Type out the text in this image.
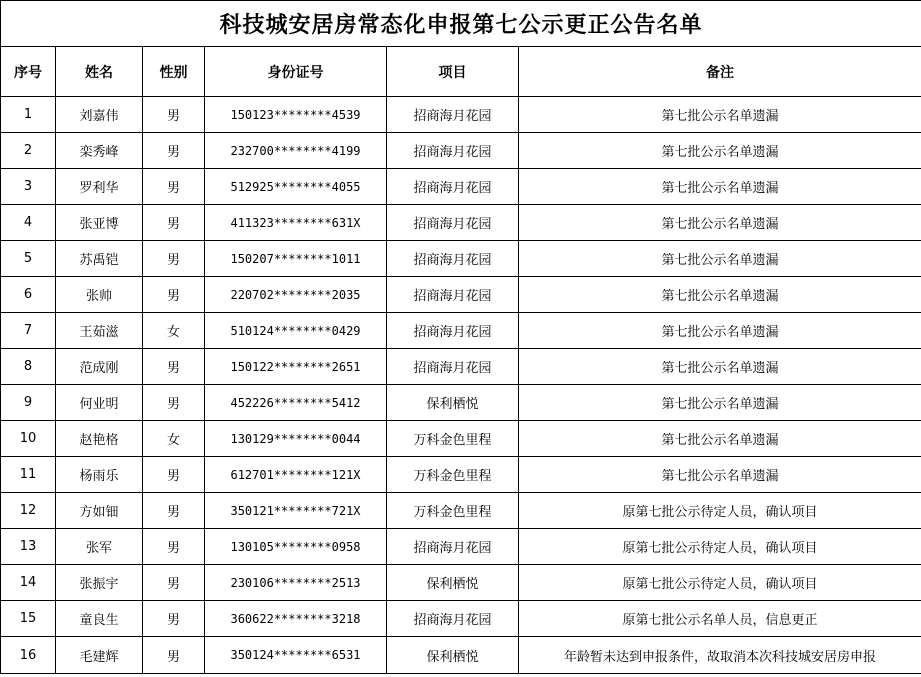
科技城安居房常态化申报第七公示更正公告名单					
序号	姓名	性别	身份证号	项目	备注
1	刘嘉伟	男	150123********4539	招商海月花园	第七批公示名单遗漏
2	栾秀峰	男	232700********4199	招商海月花园	第七批公示名单遗漏
3	罗利华	男	512925********4055	招商海月花园	第七批公示名单遗漏
4	张亚博	男	411323********631X	招商海月花园	第七批公示名单遗漏
5	苏禹铠	男	150207********1011	招商海月花园	第七批公示名单遗漏
6	张帅	男	220702********2035	招商海月花园	第七批公示名单遗漏
7	王茹滋	女	510124********0429	招商海月花园	第七批公示名单遗漏
8	范成刚	男	150122********2651	招商海月花园	第七批公示名单遗漏
9	何业明	男	452226********5412	保利栖悦	第七批公示名单遗漏
10	赵艳格	女	130129********0044	万科金色里程	第七批公示名单遗漏
11	杨雨乐	男	612701********121X	万科金色里程	第七批公示名单遗漏
12	方如钿	男	350121********721X	万科金色里程	原第七批公示待定人员，确认项目
13	张军	男	130105********0958	招商海月花园	原第七批公示待定人员，确认项目
14	张振宇	男	230106********2513	保利栖悦	原第七批公示待定人员，确认项目
15	童良生	男	360622********3218	招商海月花园	原第七批公示名单人员，信息更正
16	毛建辉	男	350124********6531	保利栖悦	年龄暂未达到申报条件，故取消本次科技城安居房申报
